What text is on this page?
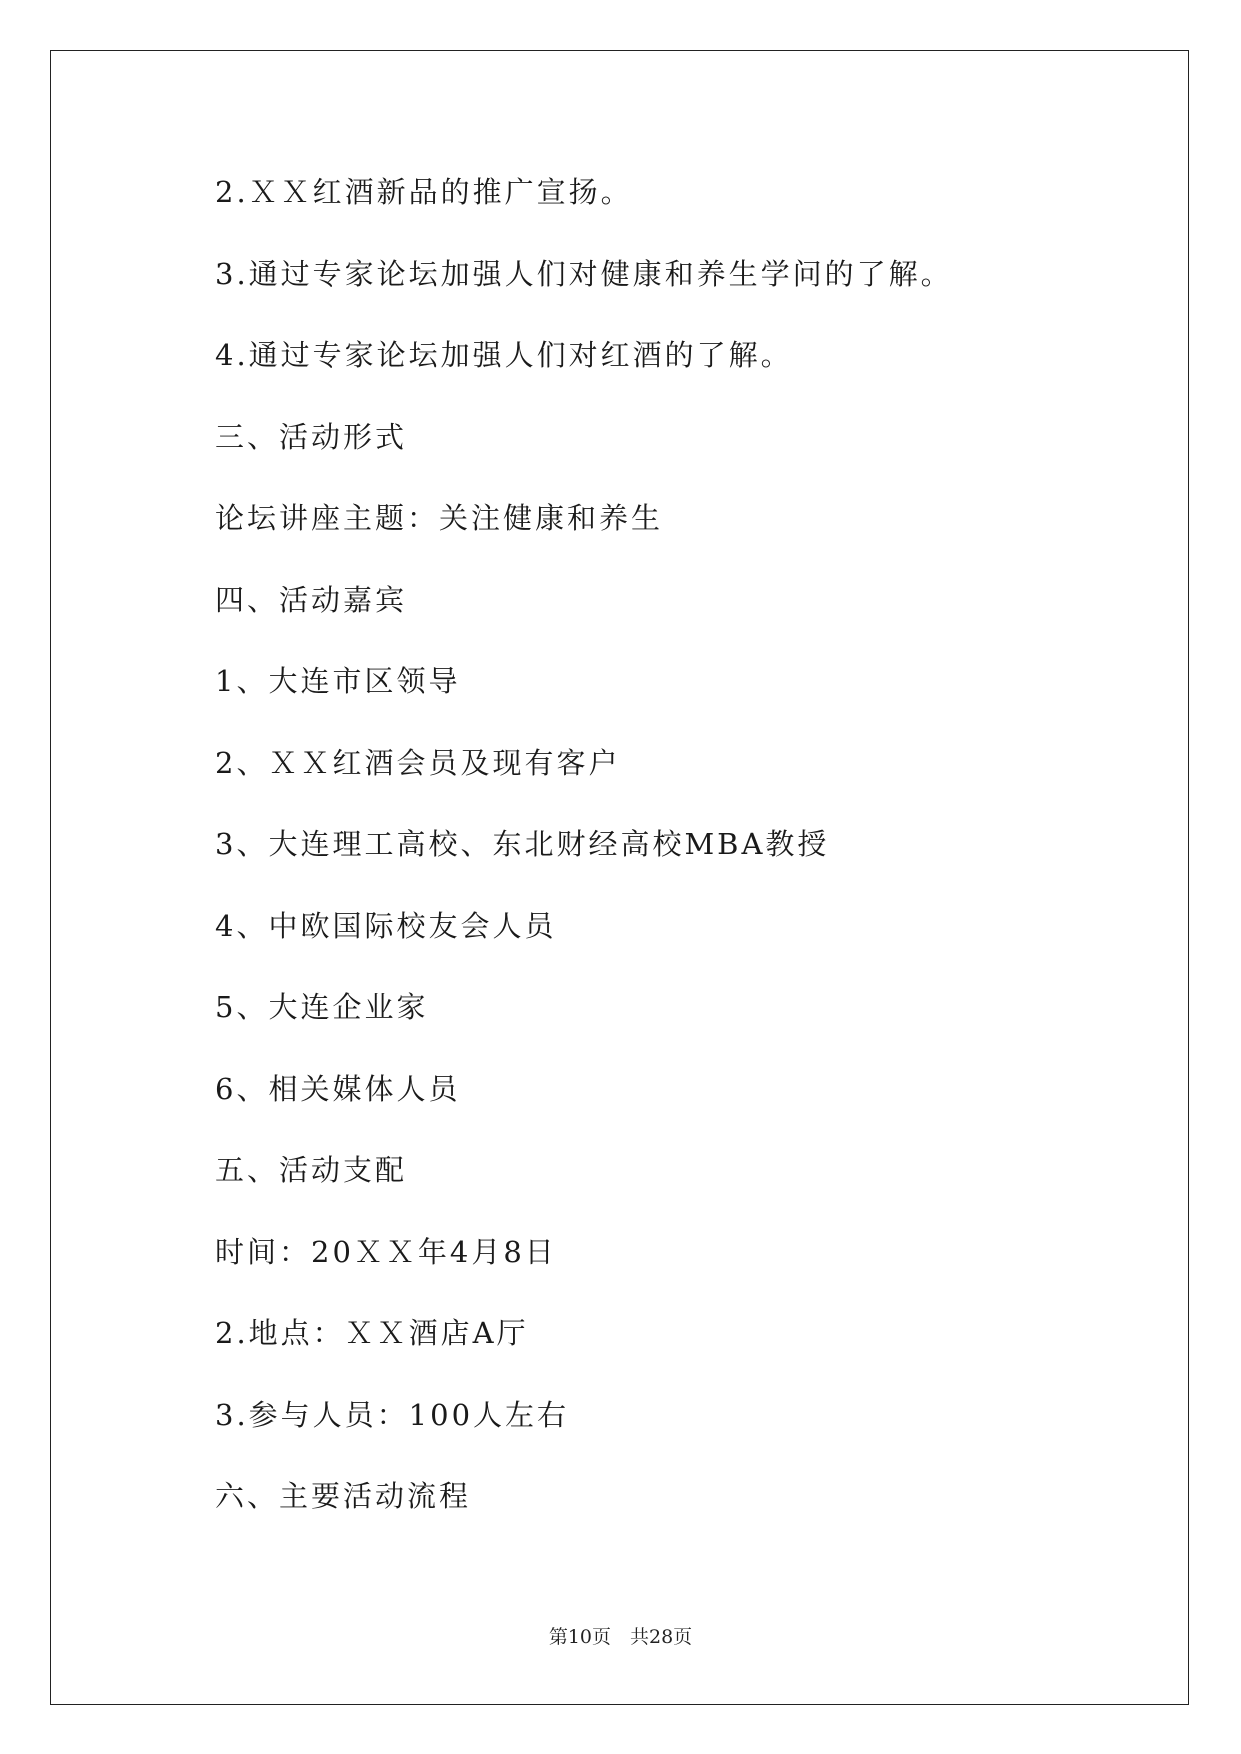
2.ＸＸ红酒新品的推广宣扬。
3.通过专家论坛加强人们对健康和养生学问的了解。
4.通过专家论坛加强人们对红酒的了解。
三、活动形式
论坛讲座主题：关注健康和养生
四、活动嘉宾
1、大连市区领导
2、ＸＸ红酒会员及现有客户
3、大连理工高校、东北财经高校MBA教授
4、中欧国际校友会人员
5、大连企业家
6、相关媒体人员
五、活动支配
时间：20ＸＸ年4月8日
2.地点：ＸＸ酒店A厅
3.参与人员：100人左右
六、主要活动流程
第10页　共28页
